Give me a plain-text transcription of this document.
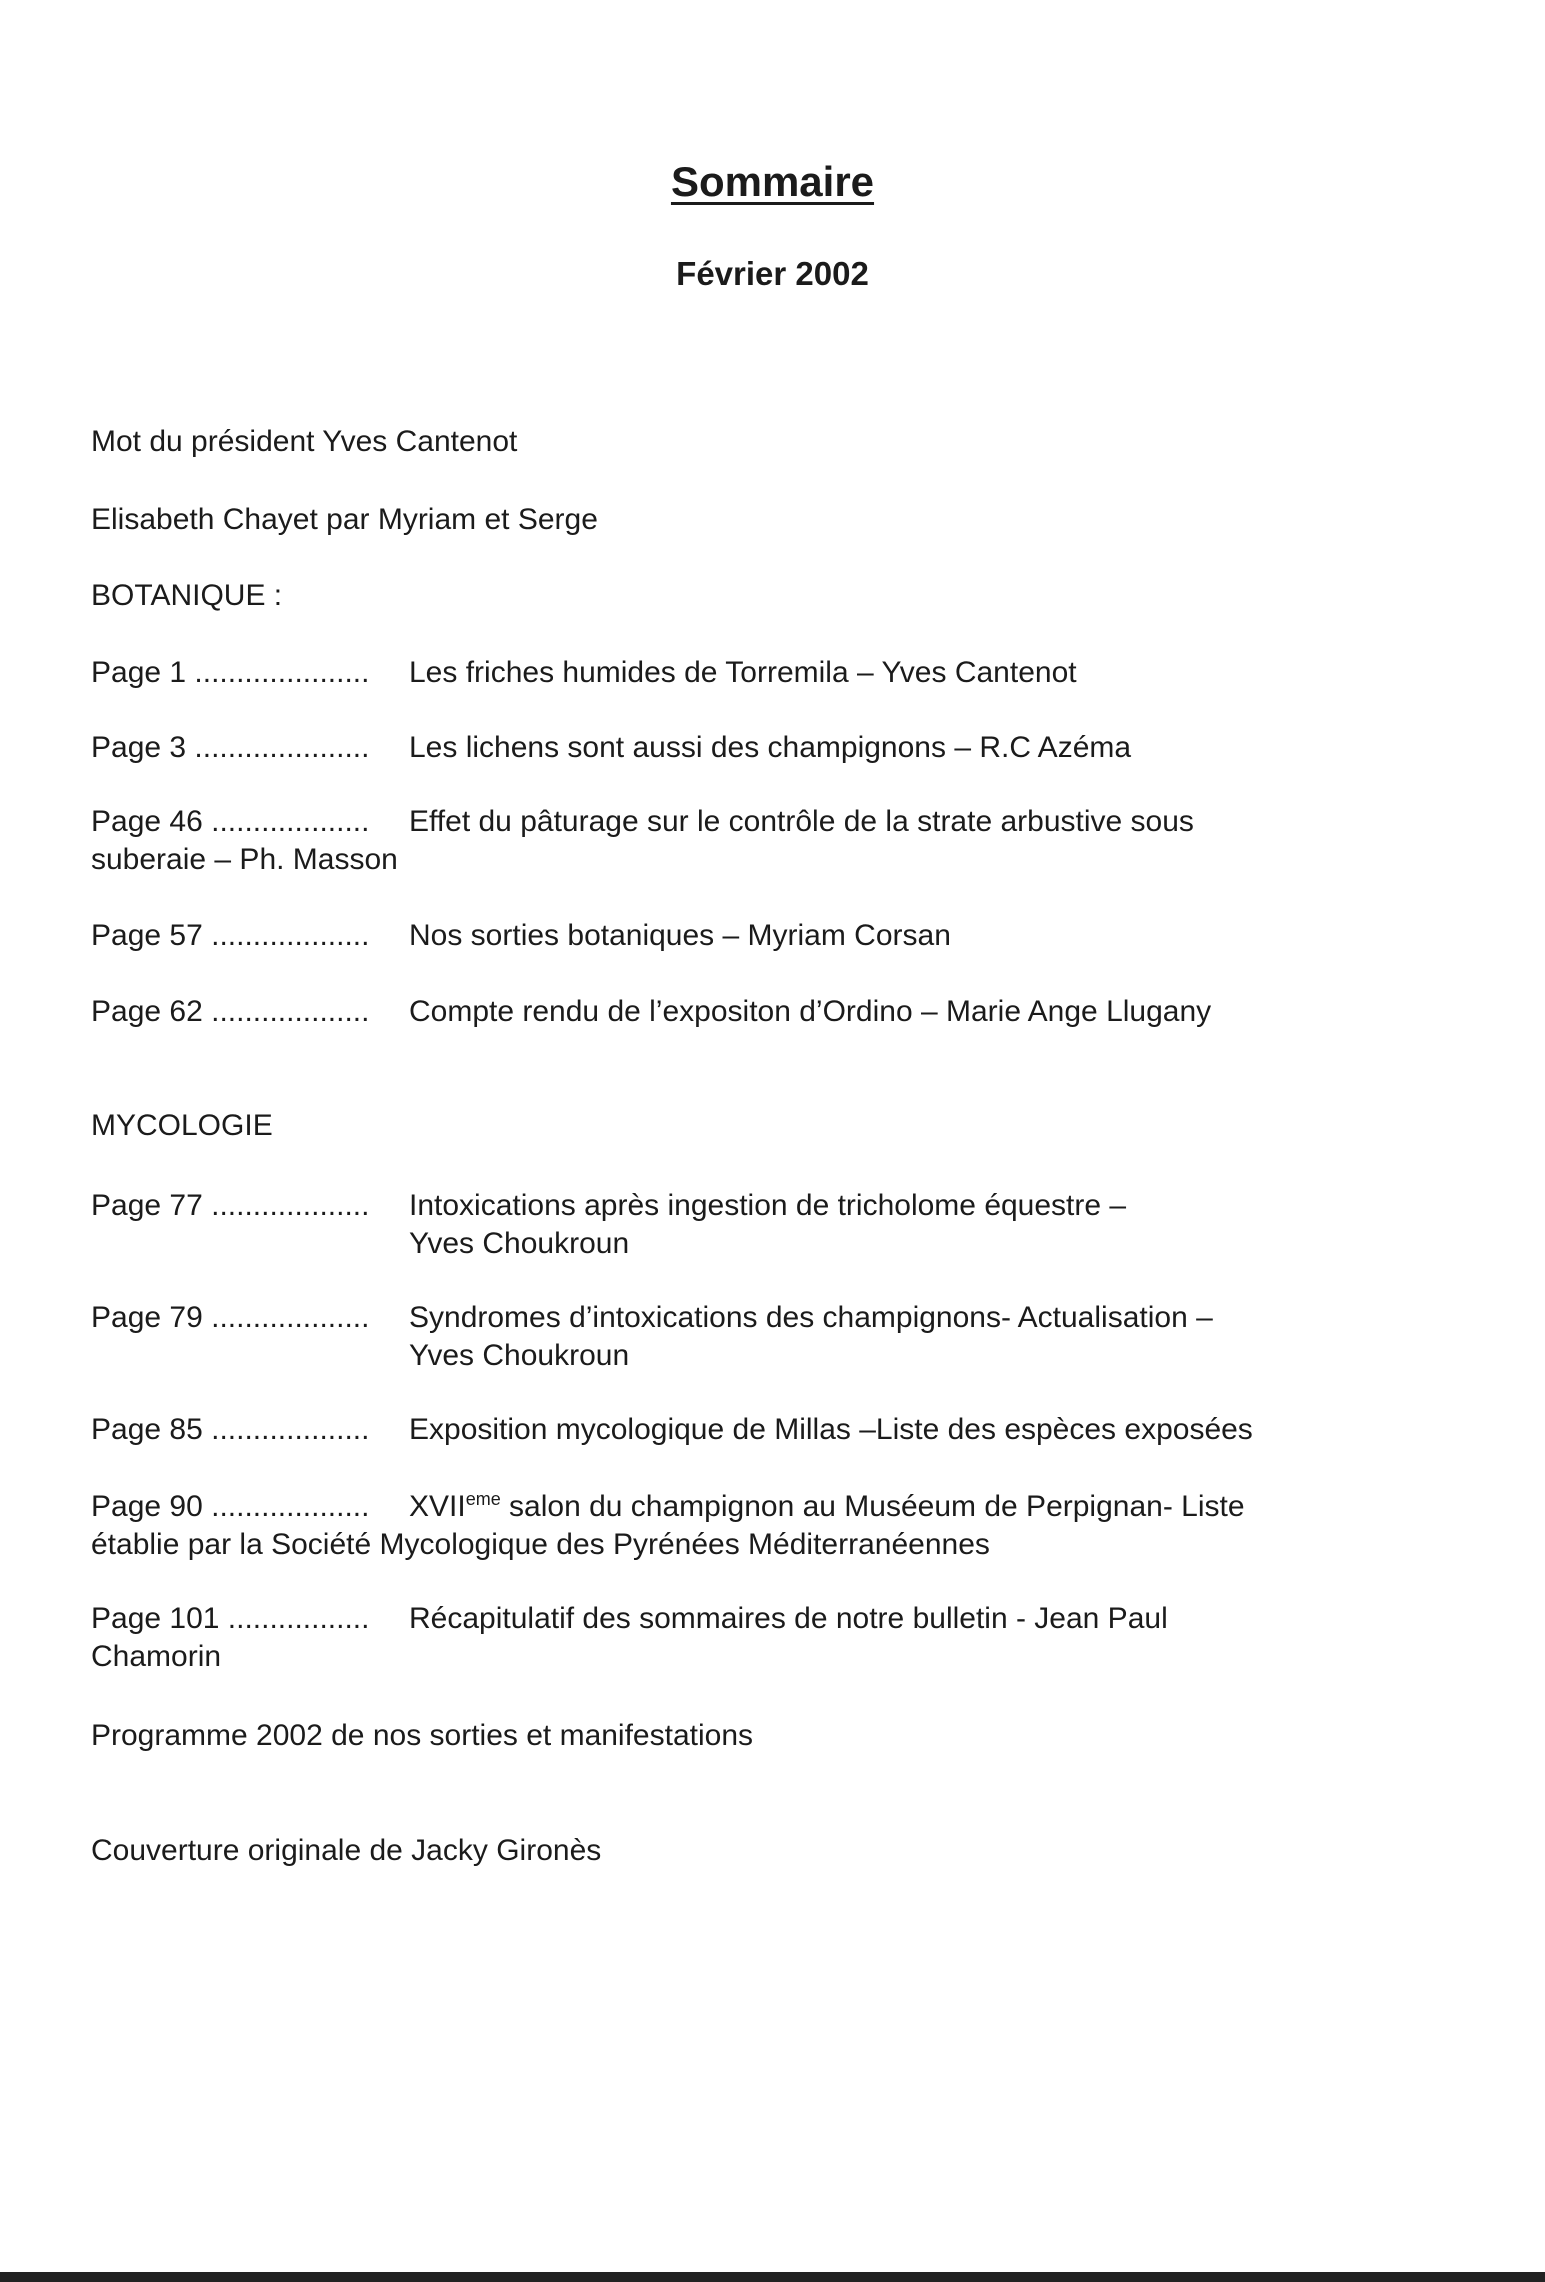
Sommaire
Février 2002
Mot du président Yves Cantenot
Elisabeth Chayet par Myriam et Serge
BOTANIQUE :
Page 1 ..................... Les friches humides de Torremila – Yves Cantenot
Page 3 ..................... Les lichens sont aussi des champignons – R.C Azéma
Page 46 ................... Effet du pâturage sur le contrôle de la strate arbustive sous
suberaie – Ph. Masson
Page 57 ................... Nos sorties botaniques – Myriam Corsan
Page 62 ................... Compte rendu de l’expositon d’Ordino – Marie Ange Llugany
MYCOLOGIE
Page 77 ................... Intoxications après ingestion de tricholome équestre –
Yves Choukroun
Page 79 ................... Syndromes d’intoxications des champignons- Actualisation –
Yves Choukroun
Page 85 ................... Exposition mycologique de Millas –Liste des espèces exposées
Page 90 ................... XVIIeme salon du champignon au Muséeum de Perpignan- Liste
établie par la Société Mycologique des Pyrénées Méditerranéennes
Page 101 ................. Récapitulatif des sommaires de notre bulletin - Jean Paul
Chamorin
Programme 2002 de nos sorties et manifestations
Couverture originale de Jacky Gironès
